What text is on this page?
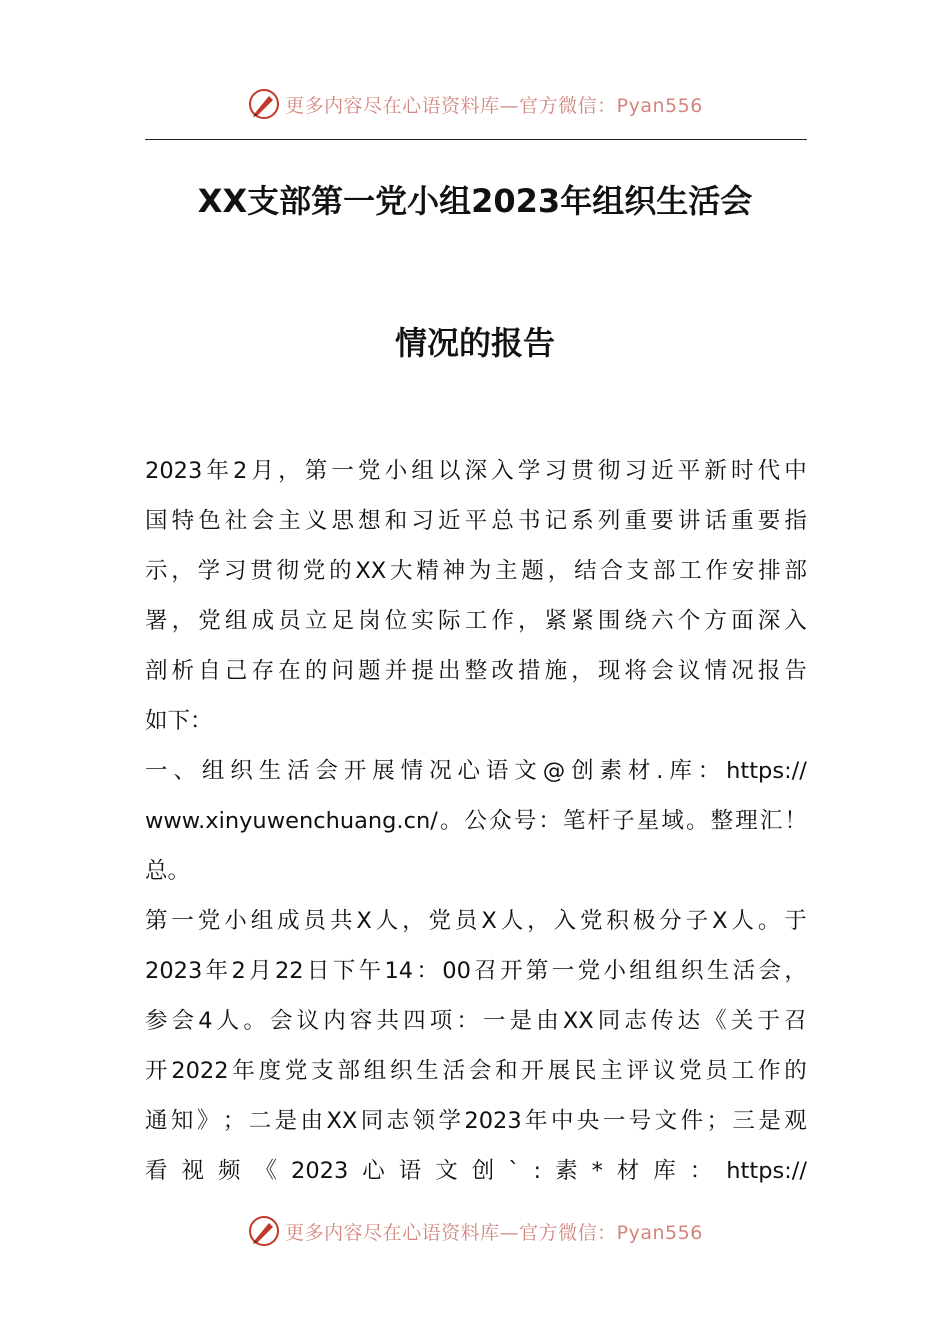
更多内容尽在心语资料库—官方微信：Pyan556
XX支部第一党小组2023年组织生活会
情况的报告
2023 年 2 月 ， 第 一 党 小 组 以 深 入 学 习 贯 彻 习 近 平 新 时 代 中
国 特 色 社 会 主 义 思 想 和 习 近 平 总 书 记 系 列 重 要 讲 话 重 要 指
示 ， 学 习 贯 彻 党 的 XX 大 精 神 为 主 题 ， 结 合 支 部 工 作 安 排 部
署 ， 党 组 成 员 立 足 岗 位 实 际 工 作 ， 紧 紧 围 绕 六 个 方 面 深 入
剖 析 自 己 存 在 的 问 题 并 提 出 整 改 措 施 ， 现 将 会 议 情 况 报 告
如下：
一 、 组 织 生 活 会 开 展 情 况 心 语 文 @ 创 素 材 . 库 ： https://
www.xinyuwenchuang.cn/ 。 公 众 号 ： 笔 杆 子 星 域 。 整 理 汇 ！
总。
第 一 党 小 组 成 员 共 X 人 ， 党 员 X 人 ， 入 党 积 极 分 子 X 人 。 于
2023 年 2 月 22 日 下 午 14 ： 00 召 开 第 一 党 小 组 组 织 生 活 会 ，
参 会 4 人 。 会 议 内 容 共 四 项 ： 一 是 由 XX 同 志 传 达 《 关 于 召
开 2022 年 度 党 支 部 组 织 生 活 会 和 开 展 民 主 评 议 党 员 工 作 的
通 知 》 ； 二 是 由 XX 同 志 领 学 2023 年 中 央 一 号 文 件 ； 三 是 观
看 视 频 《 2023 心 语 文 创 ` : 素 * 材 库 ： https://
更多内容尽在心语资料库—官方微信：Pyan556
